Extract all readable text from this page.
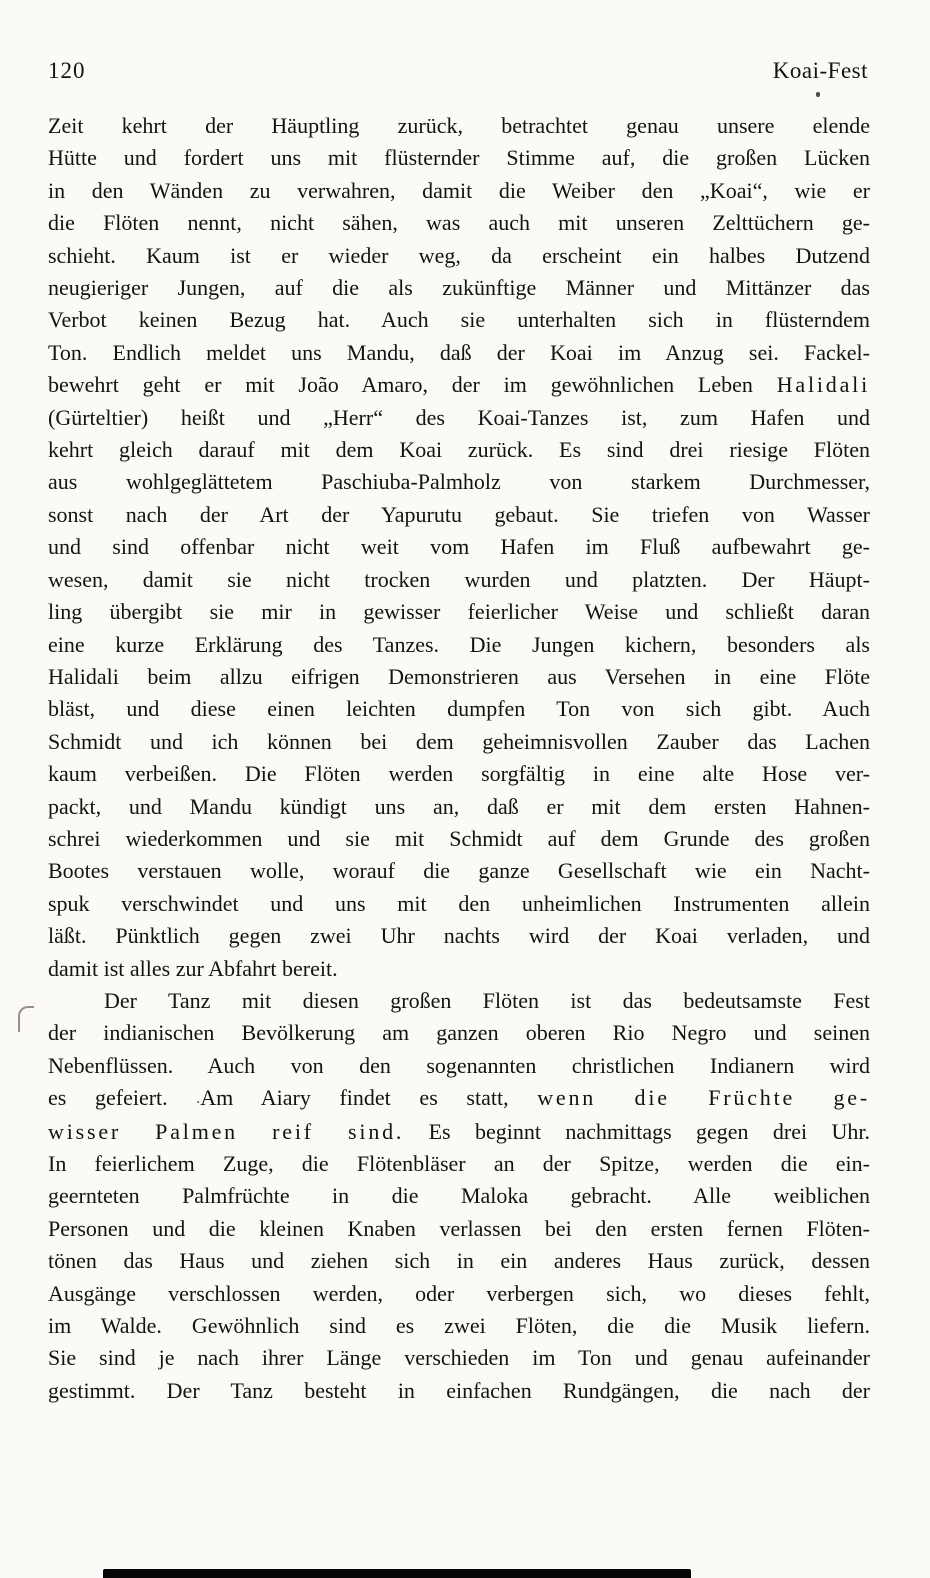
120	Koai-Fest
Zeit kehrt der Häuptling zurück, betrachtet genau unsere elende
Hütte und fordert uns mit flüsternder Stimme auf, die großen Lücken
in den Wänden zu verwahren, damit die Weiber den „Koai“, wie er
die Flöten nennt, nicht sähen, was auch mit unseren Zelttüchern ge-
schieht. Kaum ist er wieder weg, da erscheint ein halbes Dutzend
neugieriger Jungen, auf die als zukünftige Männer und Mittänzer das
Verbot keinen Bezug hat. Auch sie unterhalten sich in flüsterndem
Ton. Endlich meldet uns Mandu, daß der Koai im Anzug sei. Fackel-
bewehrt geht er mit João Amaro, der im gewöhnlichen Leben Halidali
(Gürteltier) heißt und „Herr“ des Koai-Tanzes ist, zum Hafen und
kehrt gleich darauf mit dem Koai zurück. Es sind drei riesige Flöten
aus wohlgeglättetem Paschiuba-Palmholz von starkem Durchmesser,
sonst nach der Art der Yapurutu gebaut. Sie triefen von Wasser
und sind offenbar nicht weit vom Hafen im Fluß aufbewahrt ge-
wesen, damit sie nicht trocken wurden und platzten. Der Häupt-
ling übergibt sie mir in gewisser feierlicher Weise und schließt daran
eine kurze Erklärung des Tanzes. Die Jungen kichern, besonders als
Halidali beim allzu eifrigen Demonstrieren aus Versehen in eine Flöte
bläst, und diese einen leichten dumpfen Ton von sich gibt. Auch
Schmidt und ich können bei dem geheimnisvollen Zauber das Lachen
kaum verbeißen. Die Flöten werden sorgfältig in eine alte Hose ver-
packt, und Mandu kündigt uns an, daß er mit dem ersten Hahnen-
schrei wiederkommen und sie mit Schmidt auf dem Grunde des großen
Bootes verstauen wolle, worauf die ganze Gesellschaft wie ein Nacht-
spuk verschwindet und uns mit den unheimlichen Instrumenten allein
läßt. Pünktlich gegen zwei Uhr nachts wird der Koai verladen, und
damit ist alles zur Abfahrt bereit.
Der Tanz mit diesen großen Flöten ist das bedeutsamste Fest
der indianischen Bevölkerung am ganzen oberen Rio Negro und seinen
Nebenflüssen. Auch von den sogenannten christlichen Indianern wird
es gefeiert. .Am Aiary findet es statt, wenn die Früchte ge-
wisser Palmen reif sind. Es beginnt nachmittags gegen drei Uhr.
In feierlichem Zuge, die Flötenbläser an der Spitze, werden die ein-
geernteten Palmfrüchte in die Maloka gebracht. Alle weiblichen
Personen und die kleinen Knaben verlassen bei den ersten fernen Flöten-
tönen das Haus und ziehen sich in ein anderes Haus zurück, dessen
Ausgänge verschlossen werden, oder verbergen sich, wo dieses fehlt,
im Walde. Gewöhnlich sind es zwei Flöten, die die Musik liefern.
Sie sind je nach ihrer Länge verschieden im Ton und genau aufeinander
gestimmt. Der Tanz besteht in einfachen Rundgängen, die nach der
